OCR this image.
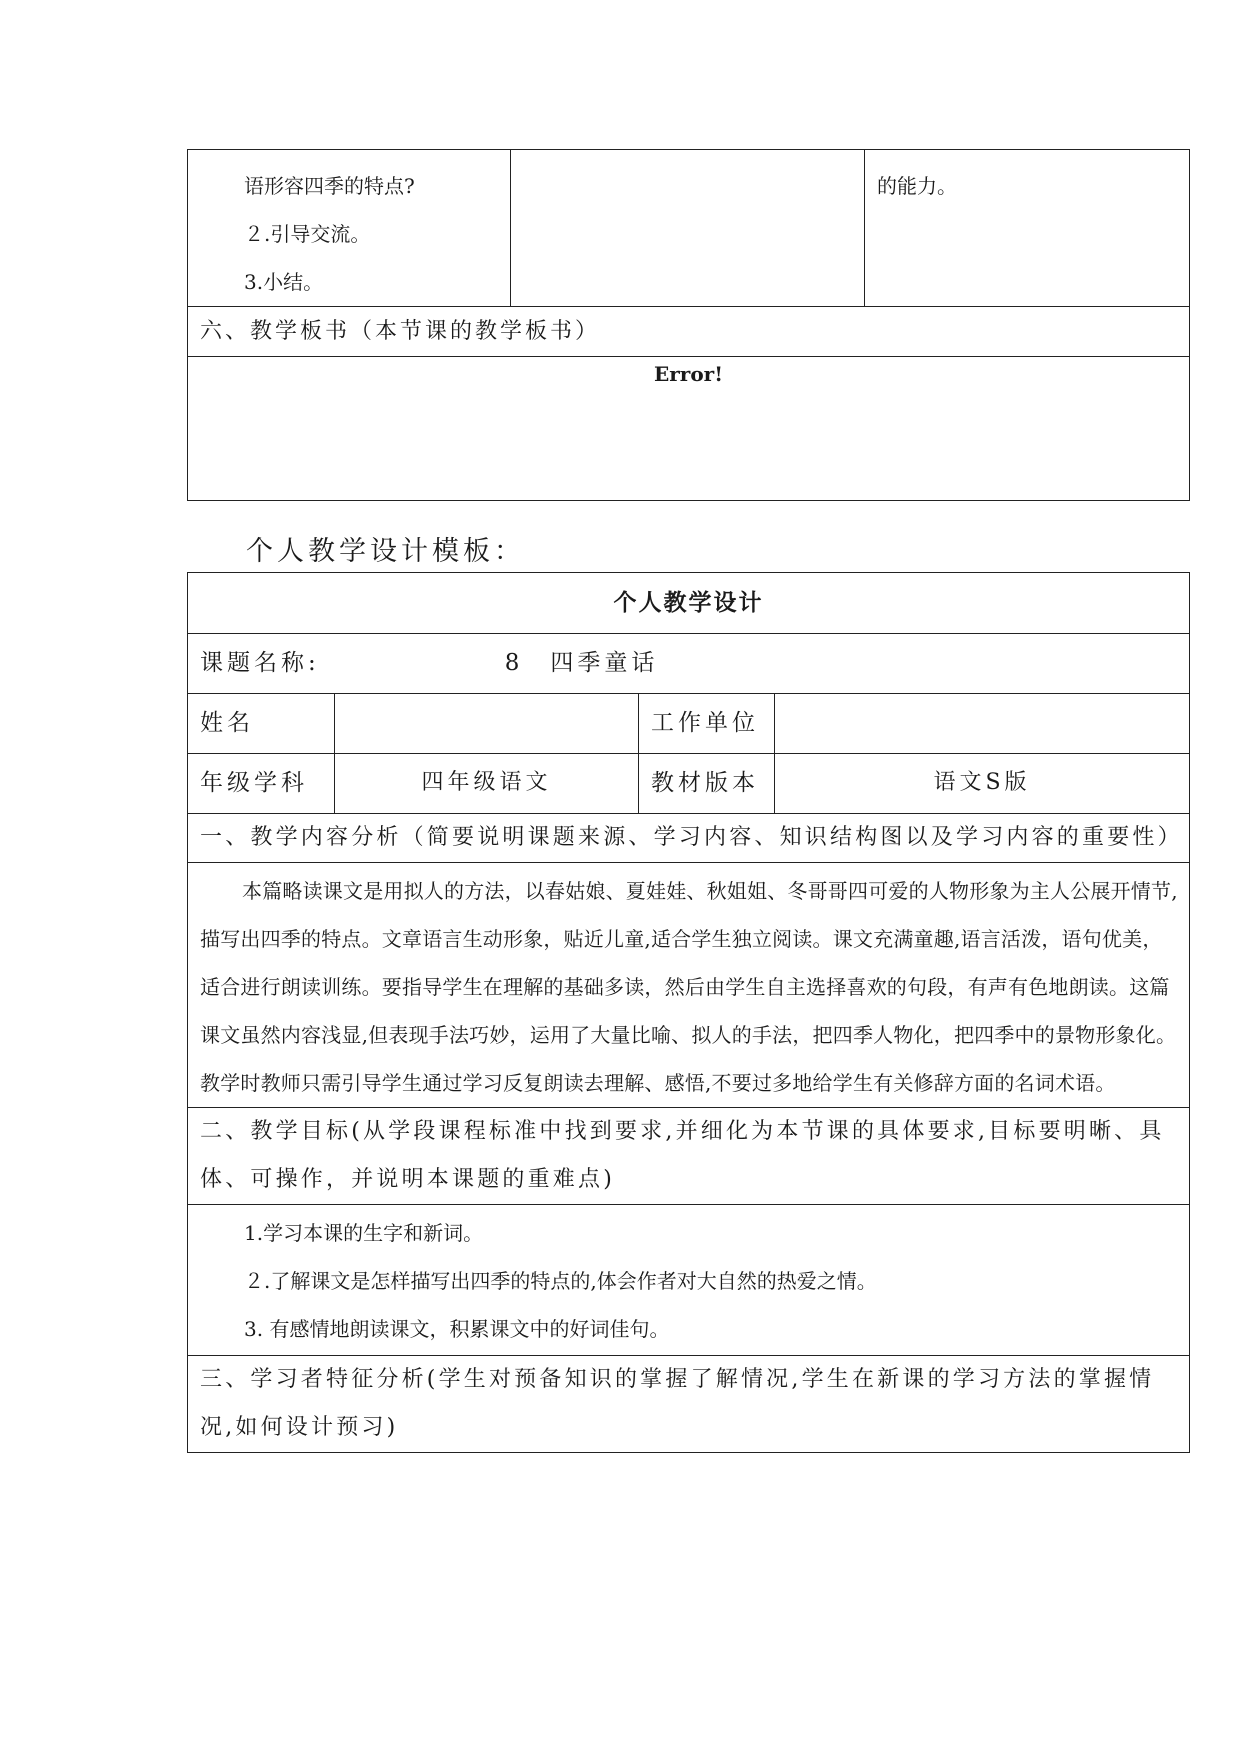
语形容四季的特点?
２.引导交流。
3.小结。

的能力。

六、教学板书（本节课的教学板书）
Error!
个人教学设计模板：
个人教学设计			
课题名称: 8　四季童话			
姓名		工作单位	
年级学科	四年级语文	教材版本	语文S版
一、教学内容分析（简要说明课题来源、学习内容、知识结构图以及学习内容的重要性）			

本篇略读课文是用拟人的方法，以春姑娘、夏娃娃、秋姐姐、冬哥哥四可爱的人物形象为主人公展开情节,描写出四季的特点。文章语言生动形象，贴近儿童,适合学生独立阅读。课文充满童趣,语言活泼，语句优美，适合进行朗读训练。要指导学生在理解的基础多读，然后由学生自主选择喜欢的句段，有声有色地朗读。这篇课文虽然内容浅显,但表现手法巧妙，运用了大量比喻、拟人的手法，把四季人物化，把四季中的景物形象化。教学时教师只需引导学生通过学习反复朗读去理解、感悟,不要过多地给学生有关修辞方面的名词术语。			

二、教学目标(从学段课程标准中找到要求,并细化为本节课的具体要求,目标要明晰、具体、可操作，并说明本课题的重难点)			

1.学习本课的生字和新词。
２.了解课文是怎样描写出四季的特点的,体会作者对大自然的热爱之情。
3. 有感情地朗读课文，积累课文中的好词佳句。			

三、学习者特征分析(学生对预备知识的掌握了解情况,学生在新课的学习方法的掌握情况,如何设计预习)			
